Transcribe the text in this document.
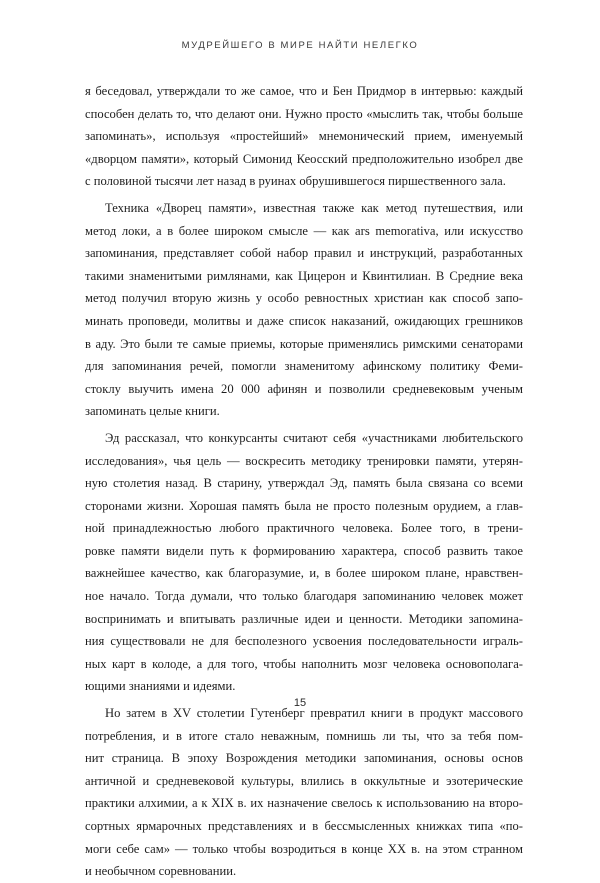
МУДРЕЙШЕГО В МИРЕ НАЙТИ НЕЛЕГКО
я беседовал, утверждали то же самое, что и Бен Придмор в интервью: каждый
способен делать то, что делают они. Нужно просто «мыслить так, чтобы больше
запоминать», используя «простейший» мнемонический прием, именуемый
«дворцом памяти», который Симонид Кеосский предположительно изобрел две
с половиной тысячи лет назад в руинах обрушившегося пиршественного зала.
Техника «Дворец памяти», известная также как метод путешествия, или
метод локи, а в более широком смысле — как ars memorativa, или искусство
запоминания, представляет собой набор правил и инструкций, разработанных
такими знаменитыми римлянами, как Цицерон и Квинтилиан. В Средние века
метод получил вторую жизнь у особо ревностных христиан как способ запо-
минать проповеди, молитвы и даже список наказаний, ожидающих грешников
в аду. Это были те самые приемы, которые применялись римскими сенаторами
для запоминания речей, помогли знаменитому афинскому политику Феми-
стоклу выучить имена 20 000 афинян и позволили средневековым ученым
запоминать целые книги.
Эд рассказал, что конкурсанты считают себя «участниками любительского
исследования», чья цель — воскресить методику тренировки памяти, утерян-
ную столетия назад. В старину, утверждал Эд, память была связана со всеми
сторонами жизни. Хорошая память была не просто полезным орудием, а глав-
ной принадлежностью любого практичного человека. Более того, в трени-
ровке памяти видели путь к формированию характера, способ развить такое
важнейшее качество, как благоразумие, и, в более широком плане, нравствен-
ное начало. Тогда думали, что только благодаря запоминанию человек может
воспринимать и впитывать различные идеи и ценности. Методики запомина-
ния существовали не для бесполезного усвоения последовательности играль-
ных карт в колоде, а для того, чтобы наполнить мозг человека основополага-
ющими знаниями и идеями.
Но затем в XV столетии Гутенберг превратил книги в продукт массового
потребления, и в итоге стало неважным, помнишь ли ты, что за тебя пом-
нит страница. В эпоху Возрождения методики запоминания, основы основ
античной и средневековой культуры, влились в оккультные и эзотерические
практики алхимии, а к XIX в. их назначение свелось к использованию на второ-
сортных ярмарочных представлениях и в бессмысленных книжках типа «по-
моги себе сам» — только чтобы возродиться в конце XX в. на этом странном
и необычном соревновании.
15
